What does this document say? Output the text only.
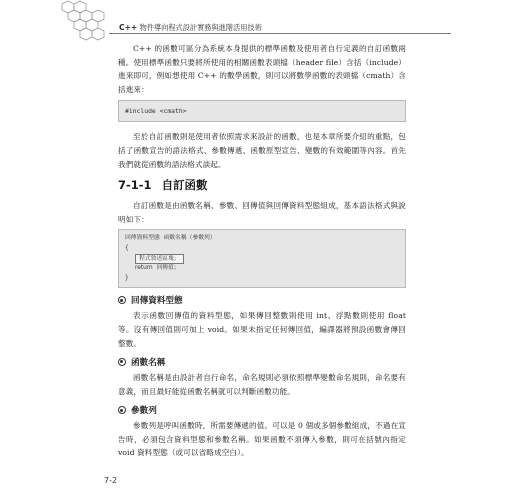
C++ 物件導向程式設計實務與進階活用技術

C++ 的函數可區分為系統本身提供的標準函數及使用者自行定義的自訂函數兩種。使用標準函數只要將所使用的相關函數表頭檔（header file）含括（include）進來即可，例如想使用 C++ 的數學函數，則可以將數學函數的表頭檔（cmath）含括進來：

#include <cmath>

至於自訂函數則是使用者依照需求來設計的函數，也是本章所要介紹的重點，包括了函數宣告的語法格式、參數傳遞、函數原型宣告、變數的有效範圍等內容。首先我們就從函數的語法格式談起。

7-1-1 自訂函數

自訂函數是由函數名稱、參數、回傳值與回傳資料型態組成，基本語法格式與說明如下：

回傳資料型態  函數名稱（參數列）
{
程式敘述區塊；
return  回傳值；
}
回傳資料型態

表示函數回傳值的資料型態，如果傳回整數則使用 int、浮點數則使用 float 等。沒有傳回值則可加上 void。如果未指定任何傳回值，編譯器將預設函數會傳回整數。

函數名稱

函數名稱是由設計者自行命名，命名規則必須依照標準變數命名規則，命名要有意義，而且最好能從函數名稱就可以判斷函數功能。

參數列

參數列是呼叫函數時，所需要傳遞的值。可以是 0 個或多個參數組成，不過在宣告時，必須包含資料型態和參數名稱。如果函數不須傳入參數，則可在括號內指定 void 資料型態（或可以省略成空白）。

7-2
